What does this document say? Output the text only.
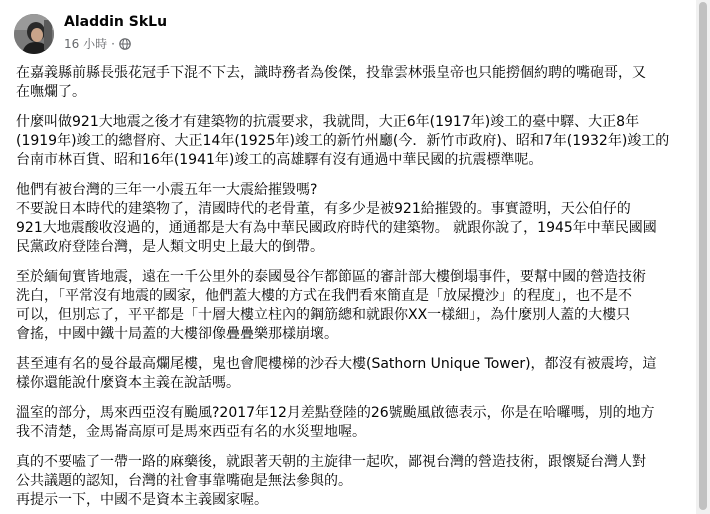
Aladdin SkLu
16 小時 ·

在嘉義縣前縣長張花冠手下混不下去，識時務者為俊傑，投靠雲林張皇帝也只能撈個約聘的嘴砲哥，又
在嘸爛了。

什麼叫做921大地震之後才有建築物的抗震要求，我就問，大正6年(1917年)竣工的臺中驛、大正8年
(1919年)竣工的總督府、大正14年(1925年)竣工的新竹州廳(今．新竹市政府)、昭和7年(1932年)竣工的
台南市林百貨、昭和16年(1941年)竣工的高雄驛有沒有通過中華民國的抗震標準呢。

他們有被台灣的三年一小震五年一大震給摧毀嗎?
不要說日本時代的建築物了，清國時代的老骨董，有多少是被921給摧毀的。事實證明，天公伯仔的
921大地震酸收沒過的，通通都是大有為中華民國政府時代的建築物。 就跟你說了，1945年中華民國國
民黨政府登陸台灣，是人類文明史上最大的倒帶。

至於緬甸實皆地震，遠在一千公里外的泰國曼谷乍都節區的審計部大樓倒塌事件，要幫中國的營造技術
洗白，「平常沒有地震的國家，他們蓋大樓的方式在我們看來簡直是「放屎攪沙」的程度」，也不是不
可以，但別忘了，平平都是「十層大樓立柱內的鋼筋總和就跟你XX一樣細」，為什麼別人蓋的大樓只
會搖，中國中鐵十局蓋的大樓卻像疊疊樂那樣崩壞。

甚至連有名的曼谷最高爛尾樓，鬼也會爬樓梯的沙吞大樓(Sathorn Unique Tower)，都沒有被震垮，這
樣你還能說什麼資本主義在說話嗎。

溫室的部分，馬來西亞沒有颱風?2017年12月差點登陸的26號颱風啟德表示，你是在哈囉嗎，別的地方
我不清楚，金馬崙高原可是馬來西亞有名的水災聖地喔。

真的不要嗑了一帶一路的麻藥後，就跟著天朝的主旋律一起吹，鄙視台灣的營造技術，跟懷疑台灣人對
公共議題的認知，台灣的社會事靠嘴砲是無法參與的。
再提示一下，中國不是資本主義國家喔。
